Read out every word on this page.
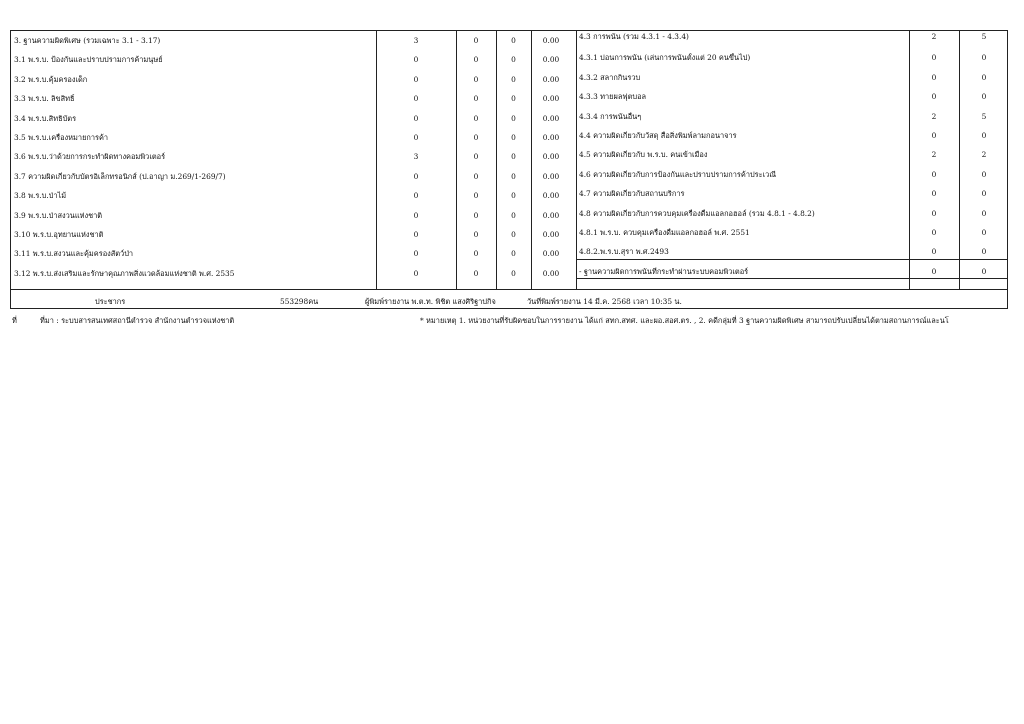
3. ฐานความผิดพิเศษ (รวมเฉพาะ 3.1 - 3.17)	3	0	0	0.00
3.1 พ.ร.บ. ป้องกันและปราบปรามการค้ามนุษย์	0	0	0	0.00
3.2 พ.ร.บ.คุ้มครองเด็ก	0	0	0	0.00
3.3 พ.ร.บ. ลิขสิทธิ์	0	0	0	0.00
3.4 พ.ร.บ.สิทธิบัตร	0	0	0	0.00
3.5 พ.ร.บ.เครื่องหมายการค้า	0	0	0	0.00
3.6 พ.ร.บ.ว่าด้วยการกระทำผิดทางคอมพิวเตอร์	3	0	0	0.00
3.7 ความผิดเกี่ยวกับบัตรอิเล็กทรอนิกส์ (ป.อาญา ม.269/1-269/7)	0	0	0	0.00
3.8 พ.ร.บ.ป่าไม้	0	0	0	0.00
3.9 พ.ร.บ.ป่าสงวนแห่งชาติ	0	0	0	0.00
3.10 พ.ร.บ.อุทยานแห่งชาติ	0	0	0	0.00
3.11 พ.ร.บ.สงวนและคุ้มครองสัตว์ป่า	0	0	0	0.00
3.12 พ.ร.บ.ส่งเสริมและรักษาคุณภาพสิ่งแวดล้อมแห่งชาติ พ.ศ. 2535	0	0	0	0.00
4.3 การพนัน (รวม 4.3.1 - 4.3.4)	2	5
4.3.1 บ่อนการพนัน (เล่นการพนันตั้งแต่ 20 คนขึ้นไป)	0	0
4.3.2 สลากกินรวบ	0	0
4.3.3 ทายผลฟุตบอล	0	0
4.3.4 การพนันอื่นๆ	2	5
4.4 ความผิดเกี่ยวกับวัสดุ สื่อสิ่งพิมพ์ลามกอนาจาร	0	0
4.5 ความผิดเกี่ยวกับ พ.ร.บ. คนเข้าเมือง	2	2
4.6 ความผิดเกี่ยวกับการป้องกันและปราบปรามการค้าประเวณี	0	0
4.7 ความผิดเกี่ยวกับสถานบริการ	0	0
4.8 ความผิดเกี่ยวกับการควบคุมเครื่องดื่มแอลกอฮอล์ (รวม 4.8.1 - 4.8.2)	0	0
4.8.1 พ.ร.บ. ควบคุมเครื่องดื่มแอลกอฮอล์ พ.ศ. 2551	0	0
4.8.2.พ.ร.บ.สุรา พ.ศ.2493	0	0
- ฐานความผิดการพนันที่กระทำผ่านระบบคอมพิวเตอร์	0	0
ประชากร	553298คน	ผู้พิมพ์รายงาน พ.ต.ท. พิชิต แสงศิริฐาปกิจ	วันที่พิมพ์รายงาน 14 มี.ค. 2568 เวลา 10:35 น.
ที่	ที่มา : ระบบสารสนเทศสถานีตำรวจ สำนักงานตำรวจแห่งชาติ	* หมายเหตุ 1. หน่วยงานที่รับผิดชอบในการรายงาน ได้แก่ สทก.สทศ. และผอ.สอศ.ตร. , 2. คดีกลุ่มที่ 3 ฐานความผิดพิเศษ สามารถปรับเปลี่ยนได้ตามสถานการณ์และนโ
